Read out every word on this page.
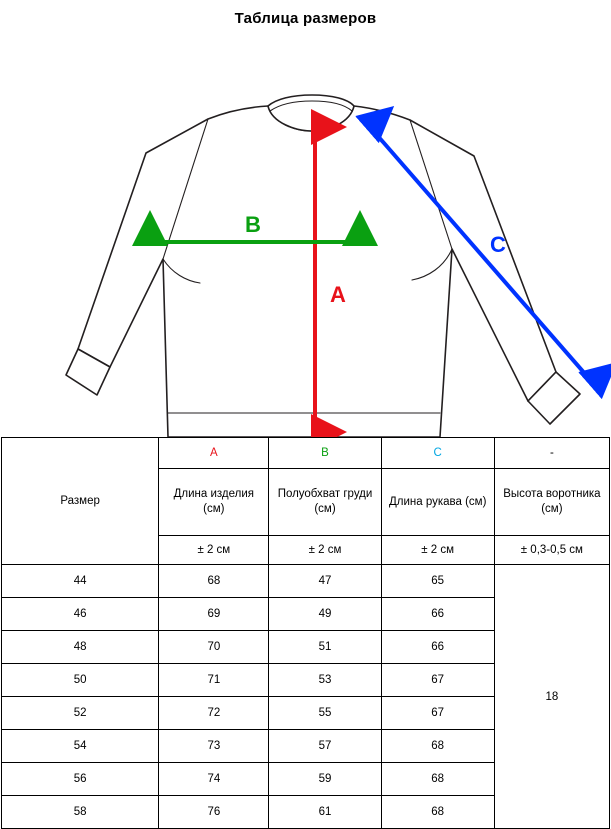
Таблица размеров
A
B
C
Размер	A	B	C	-
	Длина изделия (см)	Полуобхват груди (см)	Длина рукава (см)	Высота воротника (см)
	± 2 см	± 2 см	± 2 см	± 0,3-0,5 см
44	68	47	65	18
46	69	49	66	
48	70	51	66	
50	71	53	67	
52	72	55	67	
54	73	57	68	
56	74	59	68	
58	76	61	68	
